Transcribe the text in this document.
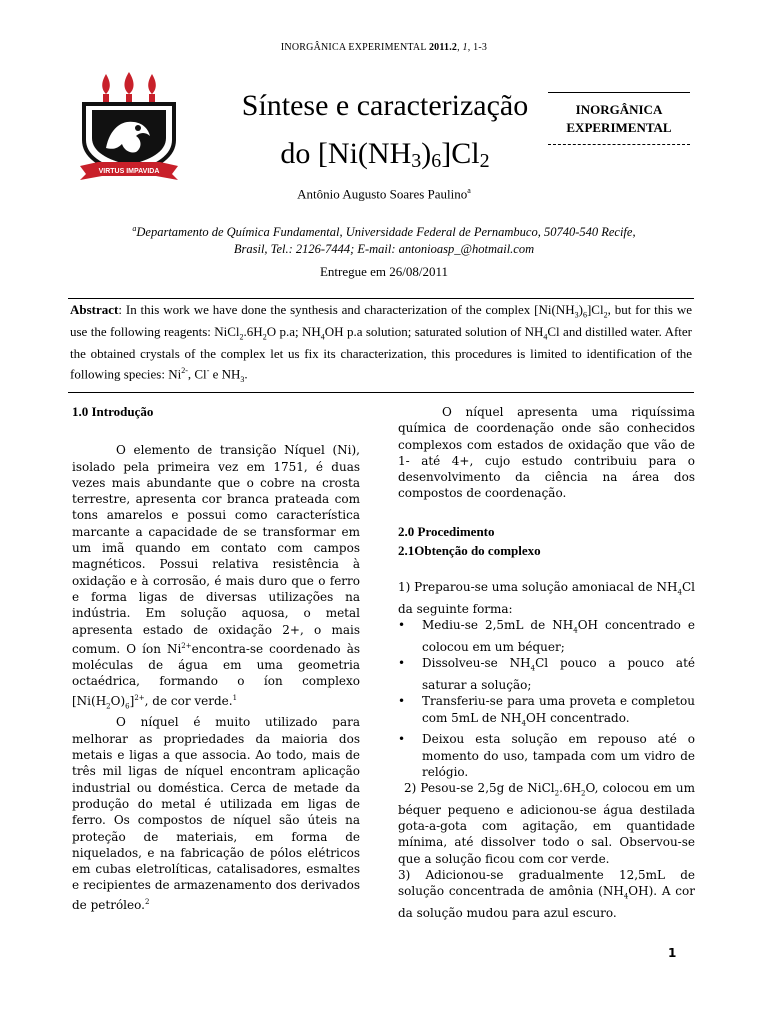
INORGÂNICA EXPERIMENTAL 2011.2, 1, 1-3
VIRTUS IMPAVIDA
Síntese e caracterização
do $[Ni(NH_3)_6]Cl_2$
INORGÂNICA
EXPERIMENTAL
Antônio Augusto Soares Paulino$^a$
$^a$Departamento de Química Fundamental, Universidade Federal de Pernambuco, 50740-540 Recife,
Brasil, Tel.: 2126-7444; E-mail: antonioasp_@hotmail.com
Entregue em 26/08/2011
Abstract: In this work we have done the synthesis and characterization of the complex $[Ni(NH_3)_6]Cl_2$, but for this we use the following reagents: $NiCl_2.6H_2O$ p.a; $NH_4OH$ p.a solution; saturated solution of $NH_4Cl$ and distilled water. After the obtained crystals of the complex let us fix its characterization, this procedures is limited to identification of the following species: $Ni^{2-}$, Cl- e $NH_3$.
1.0 Introdução

O elemento de transição Níquel (Ni), isolado pela primeira vez em 1751, é duas vezes mais abundante que o cobre na crosta terrestre, apresenta cor branca prateada com tons amarelos e possui como característica marcante a capacidade de se transformar em um imã quando em contato com campos magnéticos. Possui relativa resistência à oxidação e à corrosão, é mais duro que o ferro e forma ligas de diversas utilizações na indústria. Em solução aquosa, o metal apresenta estado de oxidação 2+, o mais comum. O íon $Ni^{2+}encontra-se$ coordenado às moléculas de água em uma geometria octaédrica, formando o íon complexo $[Ni(H_2O)_6]^{2+}$, de cor verde.$^1$

O níquel é muito utilizado para melhorar as propriedades da maioria dos metais e ligas a que associa. Ao todo, mais de três mil ligas de níquel encontram aplicação industrial ou doméstica. Cerca de metade da produção do metal é utilizada em ligas de ferro. Os compostos de níquel são úteis na proteção de materiais, em forma de niquelados, e na fabricação de pólos elétricos em cubas eletrolíticas, catalisadores, esmaltes e recipientes de armazenamento dos derivados de petróleo.$^2$

O níquel apresenta uma riquíssima química de coordenação onde são conhecidos complexos com estados de oxidação que vão de 1- até 4+, cujo estudo contribuiu para o desenvolvimento da ciência na área dos compostos de coordenação.

2.0 Procedimento
2.1Obtenção do complexo

1) Preparou-se uma solução amoniacal de $NH_4Cl$ da seguinte forma:

• Mediu-se 2,5mL de $NH_4OH$ concentrado e colocou em um béquer;
• Dissolveu-se $NH_4Cl$ pouco a pouco até saturar a solução;
• Transferiu-se para uma proveta e completou com 5mL de $NH_4OH$ concentrado.
• Deixou esta solução em repouso até o momento do uso, tampada com um vidro de relógio.

2) Pesou-se 2,5g de $NiCl_2.6H_2O$, colocou em um béquer pequeno e adicionou-se água destilada gota-a-gota com agitação, em quantidade mínima, até dissolver todo o sal. Observou-se que a solução ficou com cor verde.

3) Adicionou-se gradualmente 12,5mL de solução concentrada de amônia $(NH_4OH)$. A cor da solução mudou para azul escuro.

1
